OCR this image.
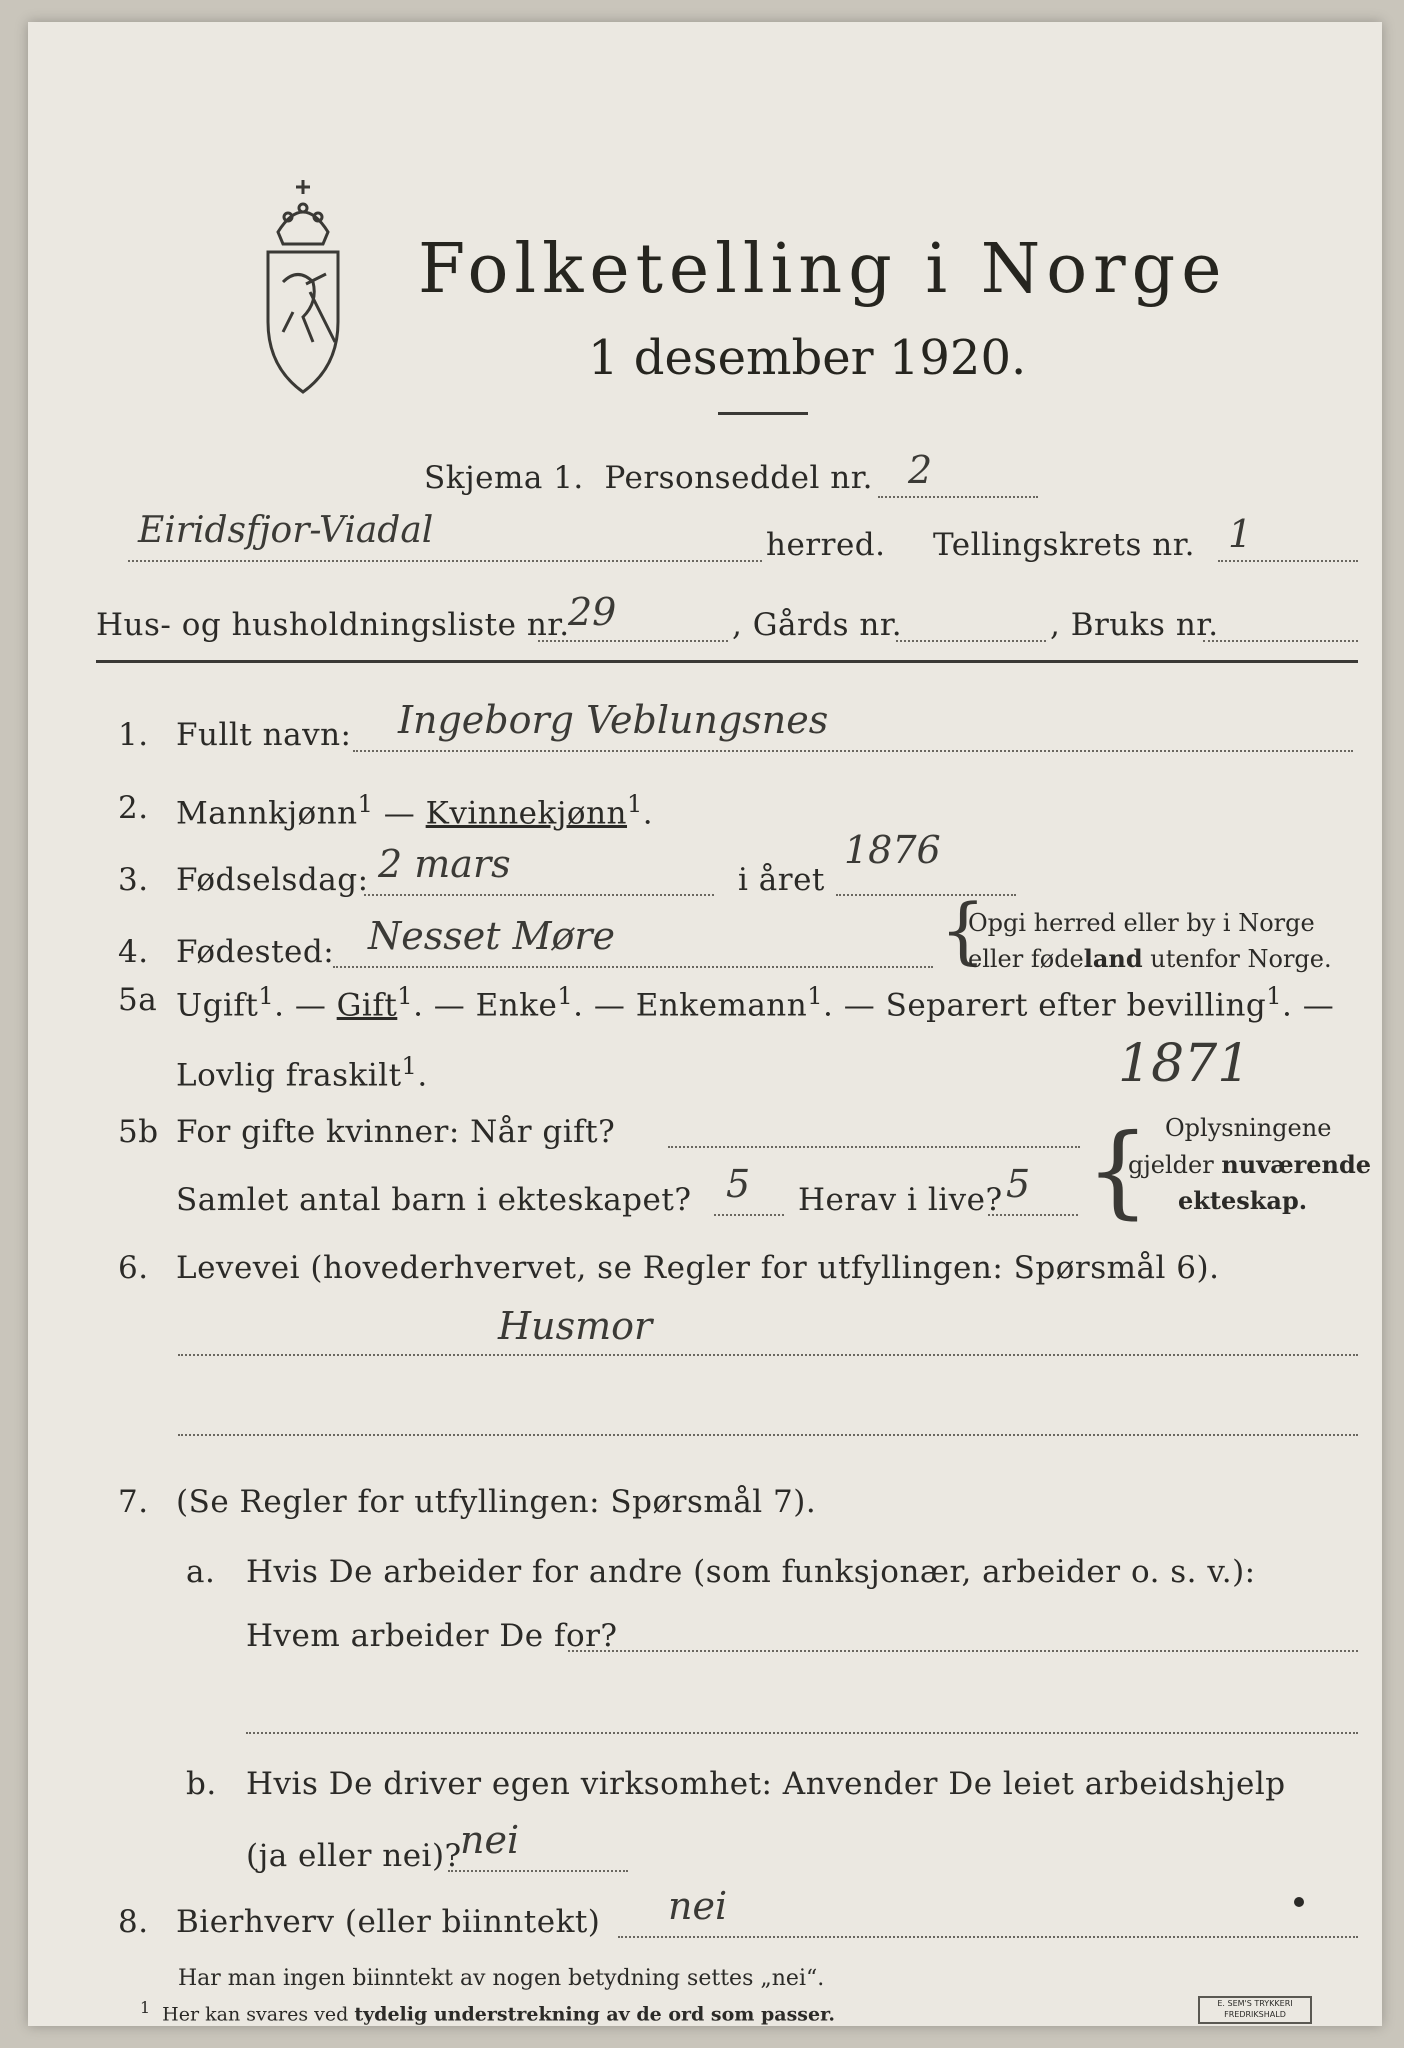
Folketelling i Norge
1 desember 1920.
Skjema 1. Personseddel nr. 2
Eiridsfjor-Viadal	herred. Tellingskrets nr. 1
Hus- og husholdningsliste nr.
29	, Gårds nr.	, Bruks nr.
1. Fullt navn: Ingeborg Veblungsnes
2. Mannkjønn$^1$ — Kvinnekjønn$^1$.
3. Fødselsdag: 2 mars	i året
1876
4. Fødested: Nesset Møre	{
Opgi herred eller by i Norge
eller fødeland utenfor Norge.
5a Ugift$^1$. — Gift$^1$. — Enke$^1$. — Enkemann$^1$. — Separert efter bevilling$^1$. —
Lovlig fraskilt$^1$.	1871
5b For gifte kvinner: Når gift?
Samlet antal barn i ekteskapet? 5 Herav i live? 5 { Oplysningene
gjelder nuværende
ekteskap.
6. Levevei (hovederhvervet, se Regler for utfyllingen: Spørsmål 6).
Husmor
7. (Se Regler for utfyllingen: Spørsmål 7).
a. Hvis De arbeider for andre (som funksjonær, arbeider o. s. v.):
Hvem arbeider De for?
b. Hvis De driver egen virksomhet: Anvender De leiet arbeidshjelp
(ja eller nei)?
nei
8. Bierhverv (eller biinntekt) nei
Har man ingen biinntekt av nogen betydning settes „nei“.
$^1$ Her kan svares ved tydelig understrekning av de ord som passer.	E. SEM'S TRYKKERI
FREDRIKSHALD
